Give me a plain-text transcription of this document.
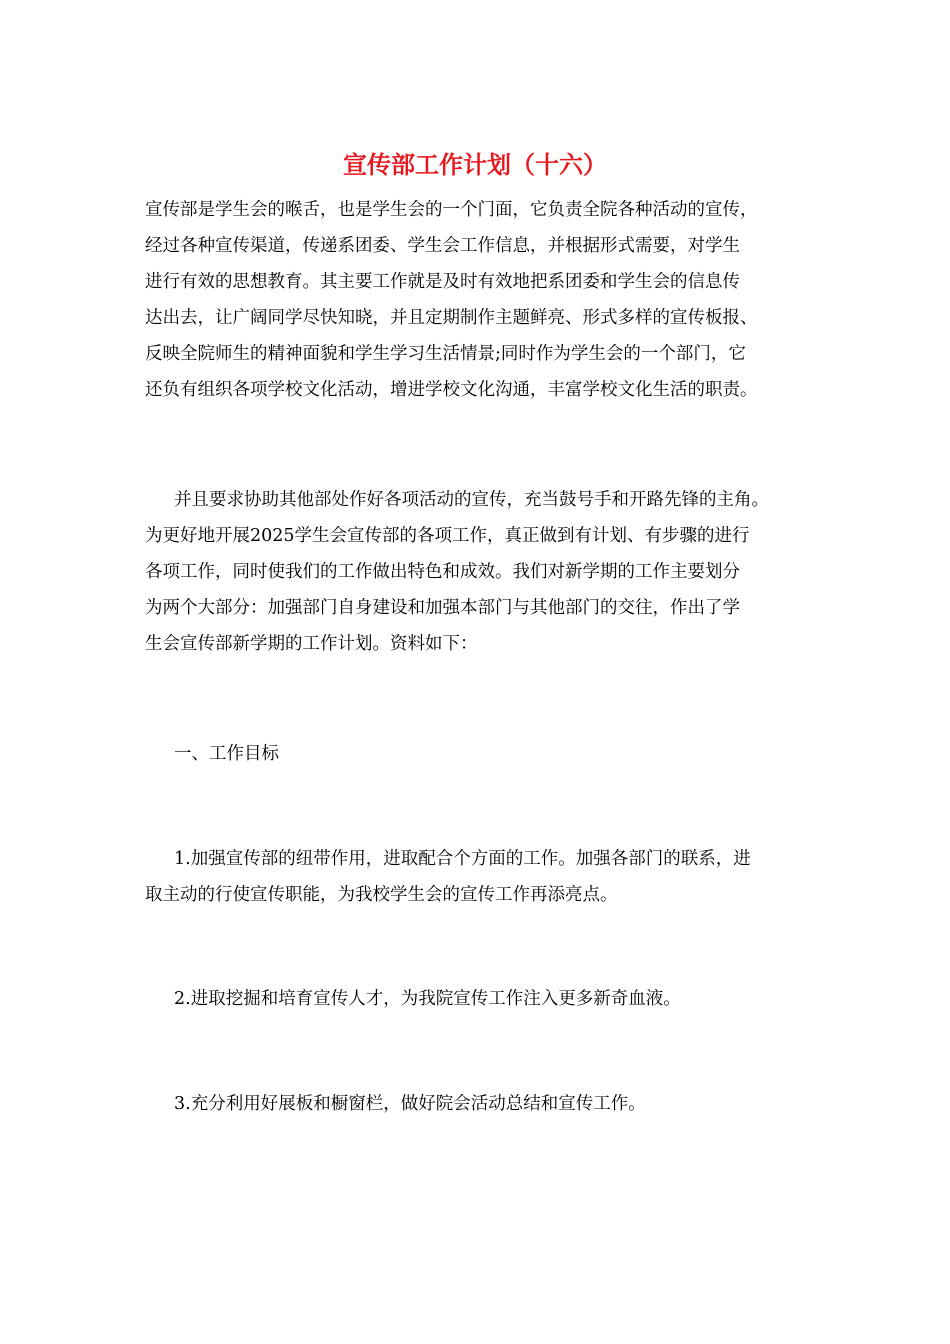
宣传部工作计划（十六）

宣传部是学生会的喉舌，也是学生会的一个门面，它负责全院各种活动的宣传，

经过各种宣传渠道，传递系团委、学生会工作信息，并根据形式需要，对学生

进行有效的思想教育。其主要工作就是及时有效地把系团委和学生会的信息传

达出去，让广阔同学尽快知晓，并且定期制作主题鲜亮、形式多样的宣传板报、

反映全院师生的精神面貌和学生学习生活情景;同时作为学生会的一个部门，它

还负有组织各项学校文化活动，增进学校文化沟通，丰富学校文化生活的职责。

并且要求协助其他部处作好各项活动的宣传，充当鼓号手和开路先锋的主角。

为更好地开展2025学生会宣传部的各项工作，真正做到有计划、有步骤的进行

各项工作，同时使我们的工作做出特色和成效。我们对新学期的工作主要划分

为两个大部分：加强部门自身建设和加强本部门与其他部门的交往，作出了学

生会宣传部新学期的工作计划。资料如下：

一、工作目标

1.加强宣传部的纽带作用，进取配合个方面的工作。加强各部门的联系，进

取主动的行使宣传职能，为我校学生会的宣传工作再添亮点。

2.进取挖掘和培育宣传人才，为我院宣传工作注入更多新奇血液。

3.充分利用好展板和橱窗栏，做好院会活动总结和宣传工作。
